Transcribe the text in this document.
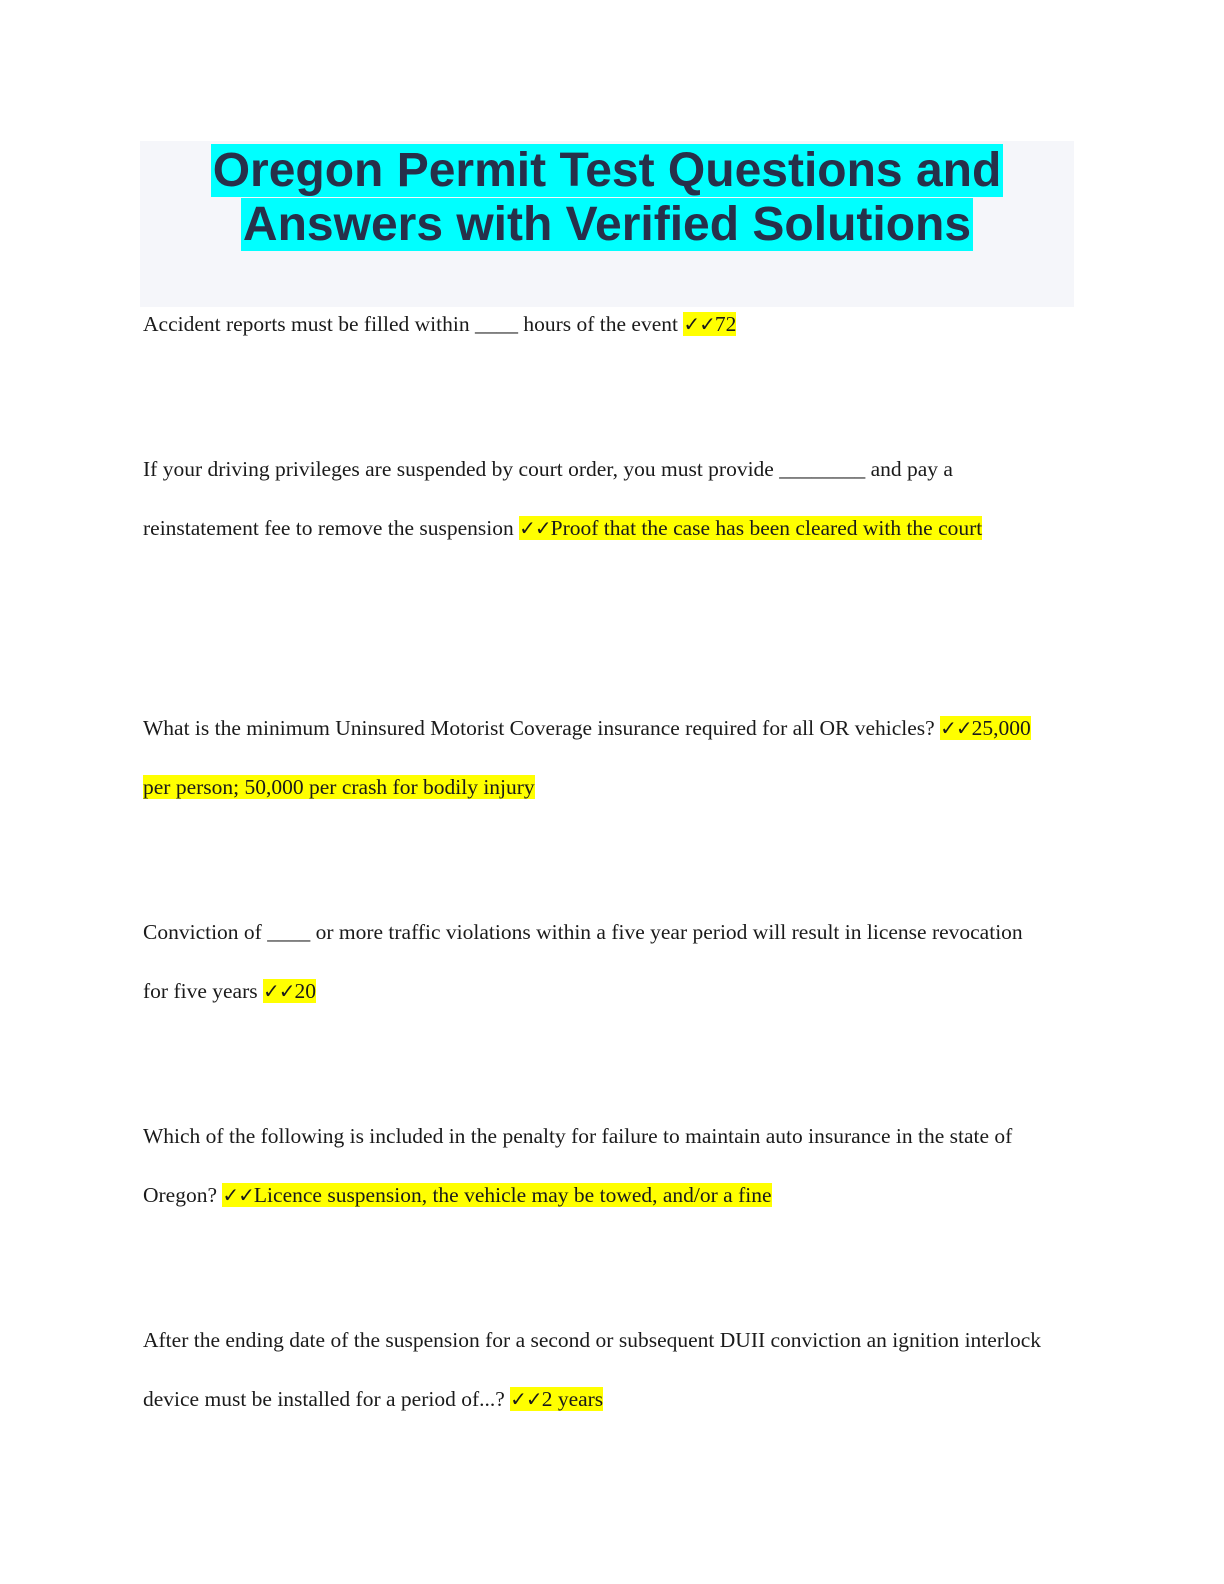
Oregon Permit Test Questions and
Answers with Verified Solutions

Accident reports must be filled within ____ hours of the event ✓✓72

If your driving privileges are suspended by court order, you must provide ________ and pay a reinstatement fee to remove the suspension ✓✓Proof that the case has been cleared with the court

What is the minimum Uninsured Motorist Coverage insurance required for all OR vehicles? ✓✓25,000 per person; 50,000 per crash for bodily injury

Conviction of ____ or more traffic violations within a five year period will result in license revocation for five years ✓✓20

Which of the following is included in the penalty for failure to maintain auto insurance in the state of Oregon? ✓✓Licence suspension, the vehicle may be towed, and/or a fine

After the ending date of the suspension for a second or subsequent DUII conviction an ignition interlock device must be installed for a period of...? ✓✓2 years
